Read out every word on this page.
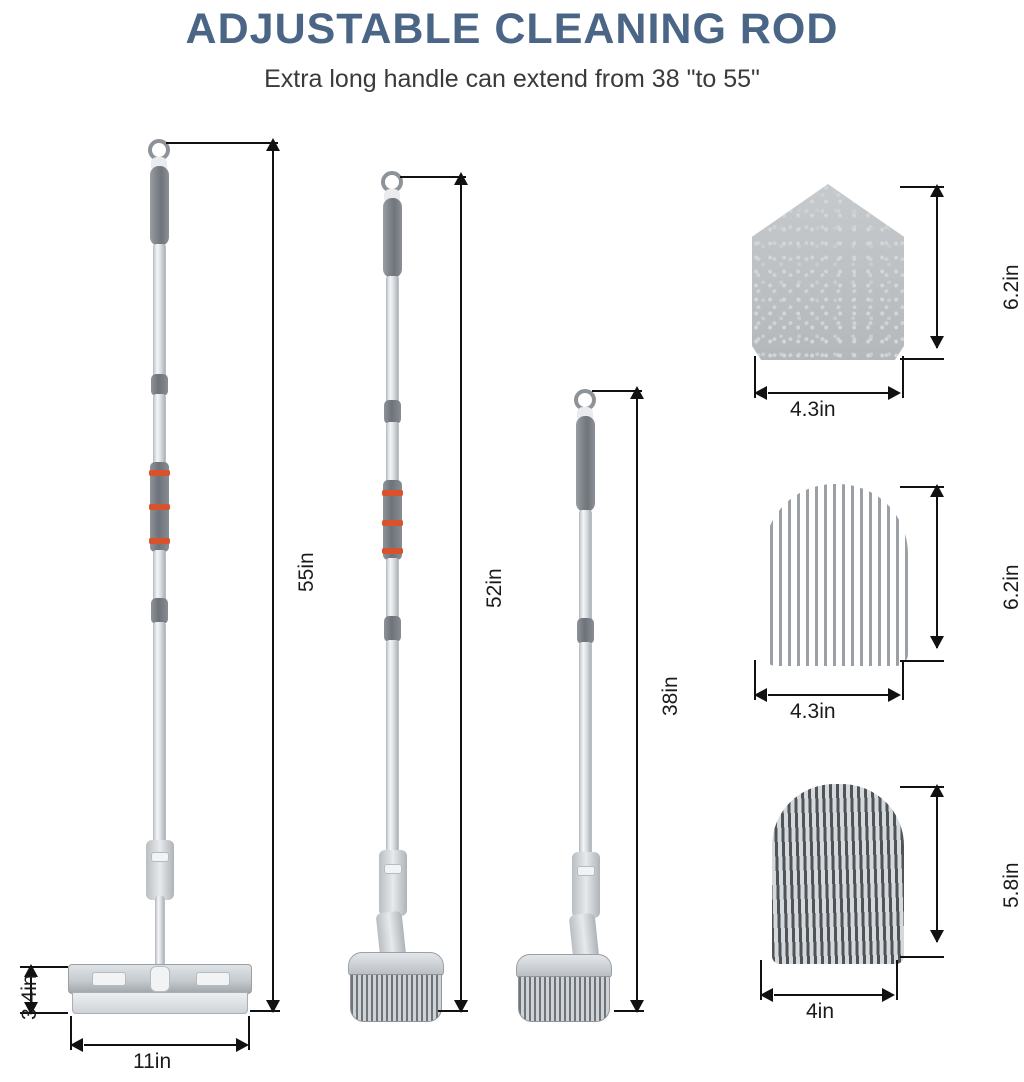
ADJUSTABLE CLEANING ROD
Extra long handle can extend from 38 "to 55"
55in
11in
3.4in
52in
38in
6.2in
4.3in
6.2in
4.3in
5.8in
4in
